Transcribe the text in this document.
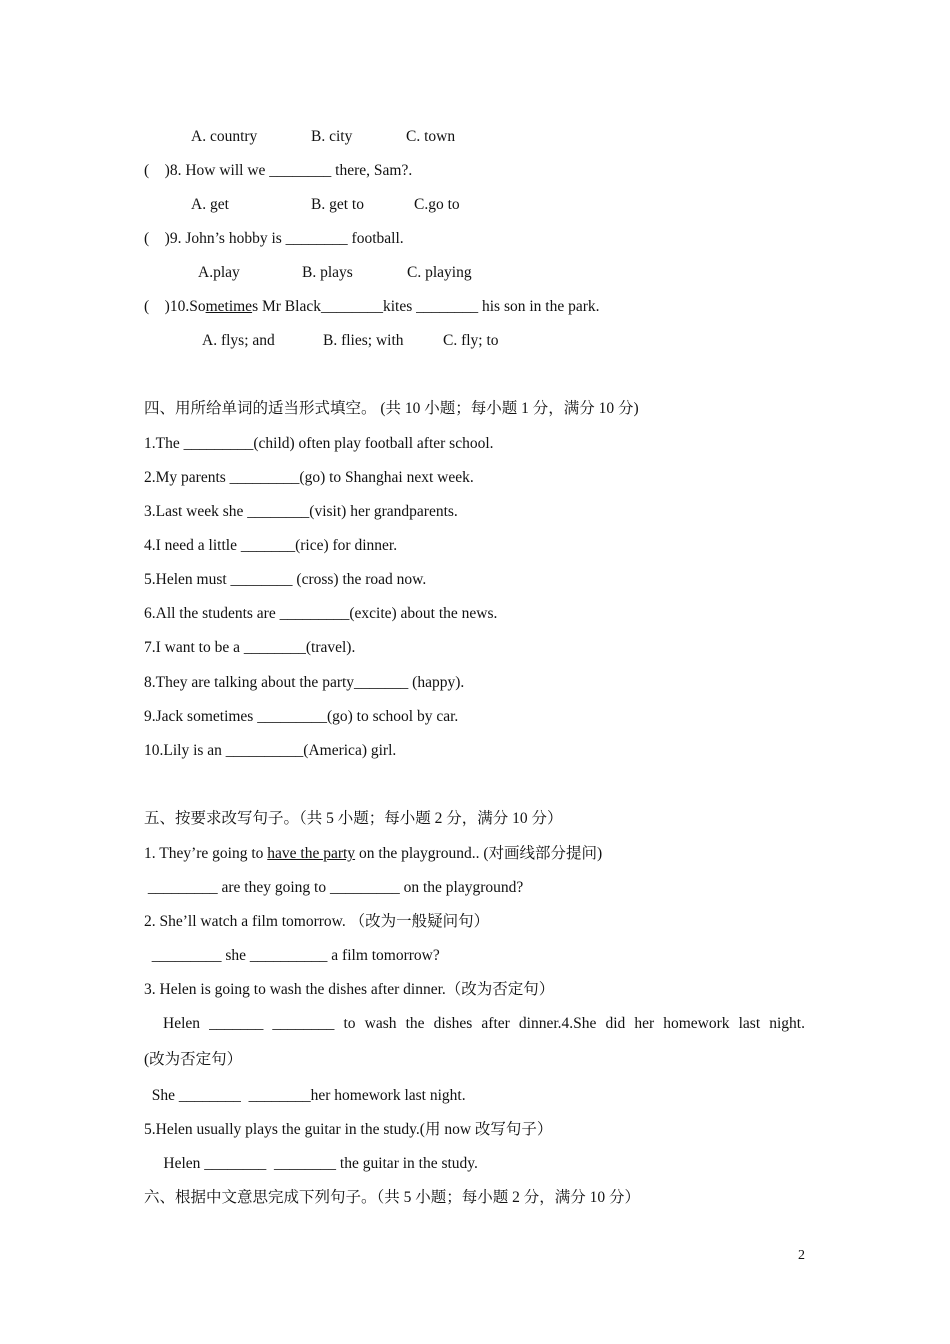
A. country	B. city	C. town
(    )8. How will we ________ there, Sam?.
A. get	B. get to	C.go to
(    )9. John’s hobby is ________ football.
A.play	B. plays	C. playing
(    )10.Sometimes Mr Black________kites ________ his son in the park.
A. flys; and	B. flies; with	C. fly; to
四、用所给单词的适当形式填空。 (共 10 小题；每小题 1 分，满分 10 分)
1.The _________(child) often play football after school.
2.My parents _________(go) to Shanghai next week.
3.Last week she ________(visit) her grandparents.
4.I need a little _______(rice) for dinner.
5.Helen must ________ (cross) the road now.
6.All the students are _________(excite) about the news.
7.I want to be a ________(travel).
8.They are talking about the party_______ (happy).
9.Jack sometimes _________(go) to school by car.
10.Lily is an __________(America) girl.
五、按要求改写句子。（共 5 小题；每小题 2 分，满分 10 分）
1. They’re going to have the party on the playground.. (对画线部分提问)
_________ are they going to _________ on the playground?
2. She’ll watch a film tomorrow. （改为一般疑问句）
_________ she __________ a film tomorrow?
3. Helen is going to wash the dishes after dinner.（改为否定句）
Helen _______ ________ to wash the dishes after dinner.4.She did her homework last night.
(改为否定句）
She ________  ________her homework last night.
5.Helen usually plays the guitar in the study.(用 now 改写句子）
Helen ________  ________ the guitar in the study.
六、根据中文意思完成下列句子。（共 5 小题；每小题 2 分，满分 10 分）
2
